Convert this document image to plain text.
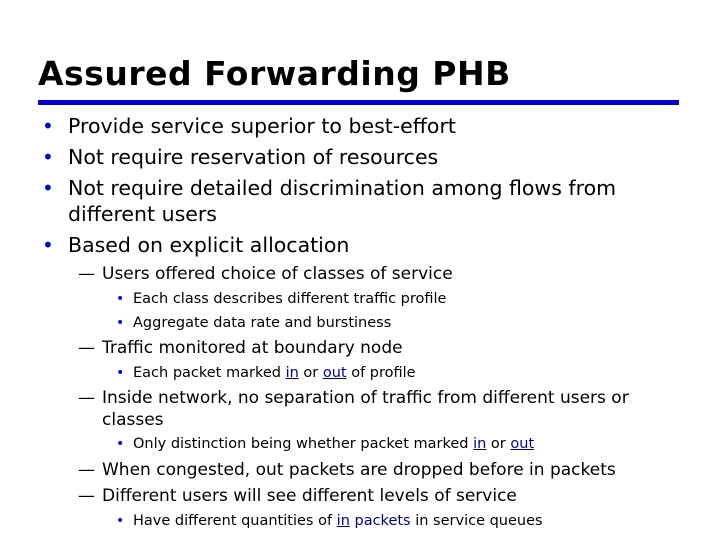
Assured Forwarding PHB
•
Provide service superior to best-effort
•
Not require reservation of resources
•
Not require detailed discrimination among flows from
different users
•
Based on explicit allocation
—
Users offered choice of classes of service
•
Each class describes different traffic profile
•
Aggregate data rate and burstiness
—
Traffic monitored at boundary node
•
Each packet marked in or out of profile
—
Inside network, no separation of traffic from different users or
classes
•
Only distinction being whether packet marked in or out
—
When congested, out packets are dropped before in packets
—
Different users will see different levels of service
•
Have different quantities of in packets in service queues
